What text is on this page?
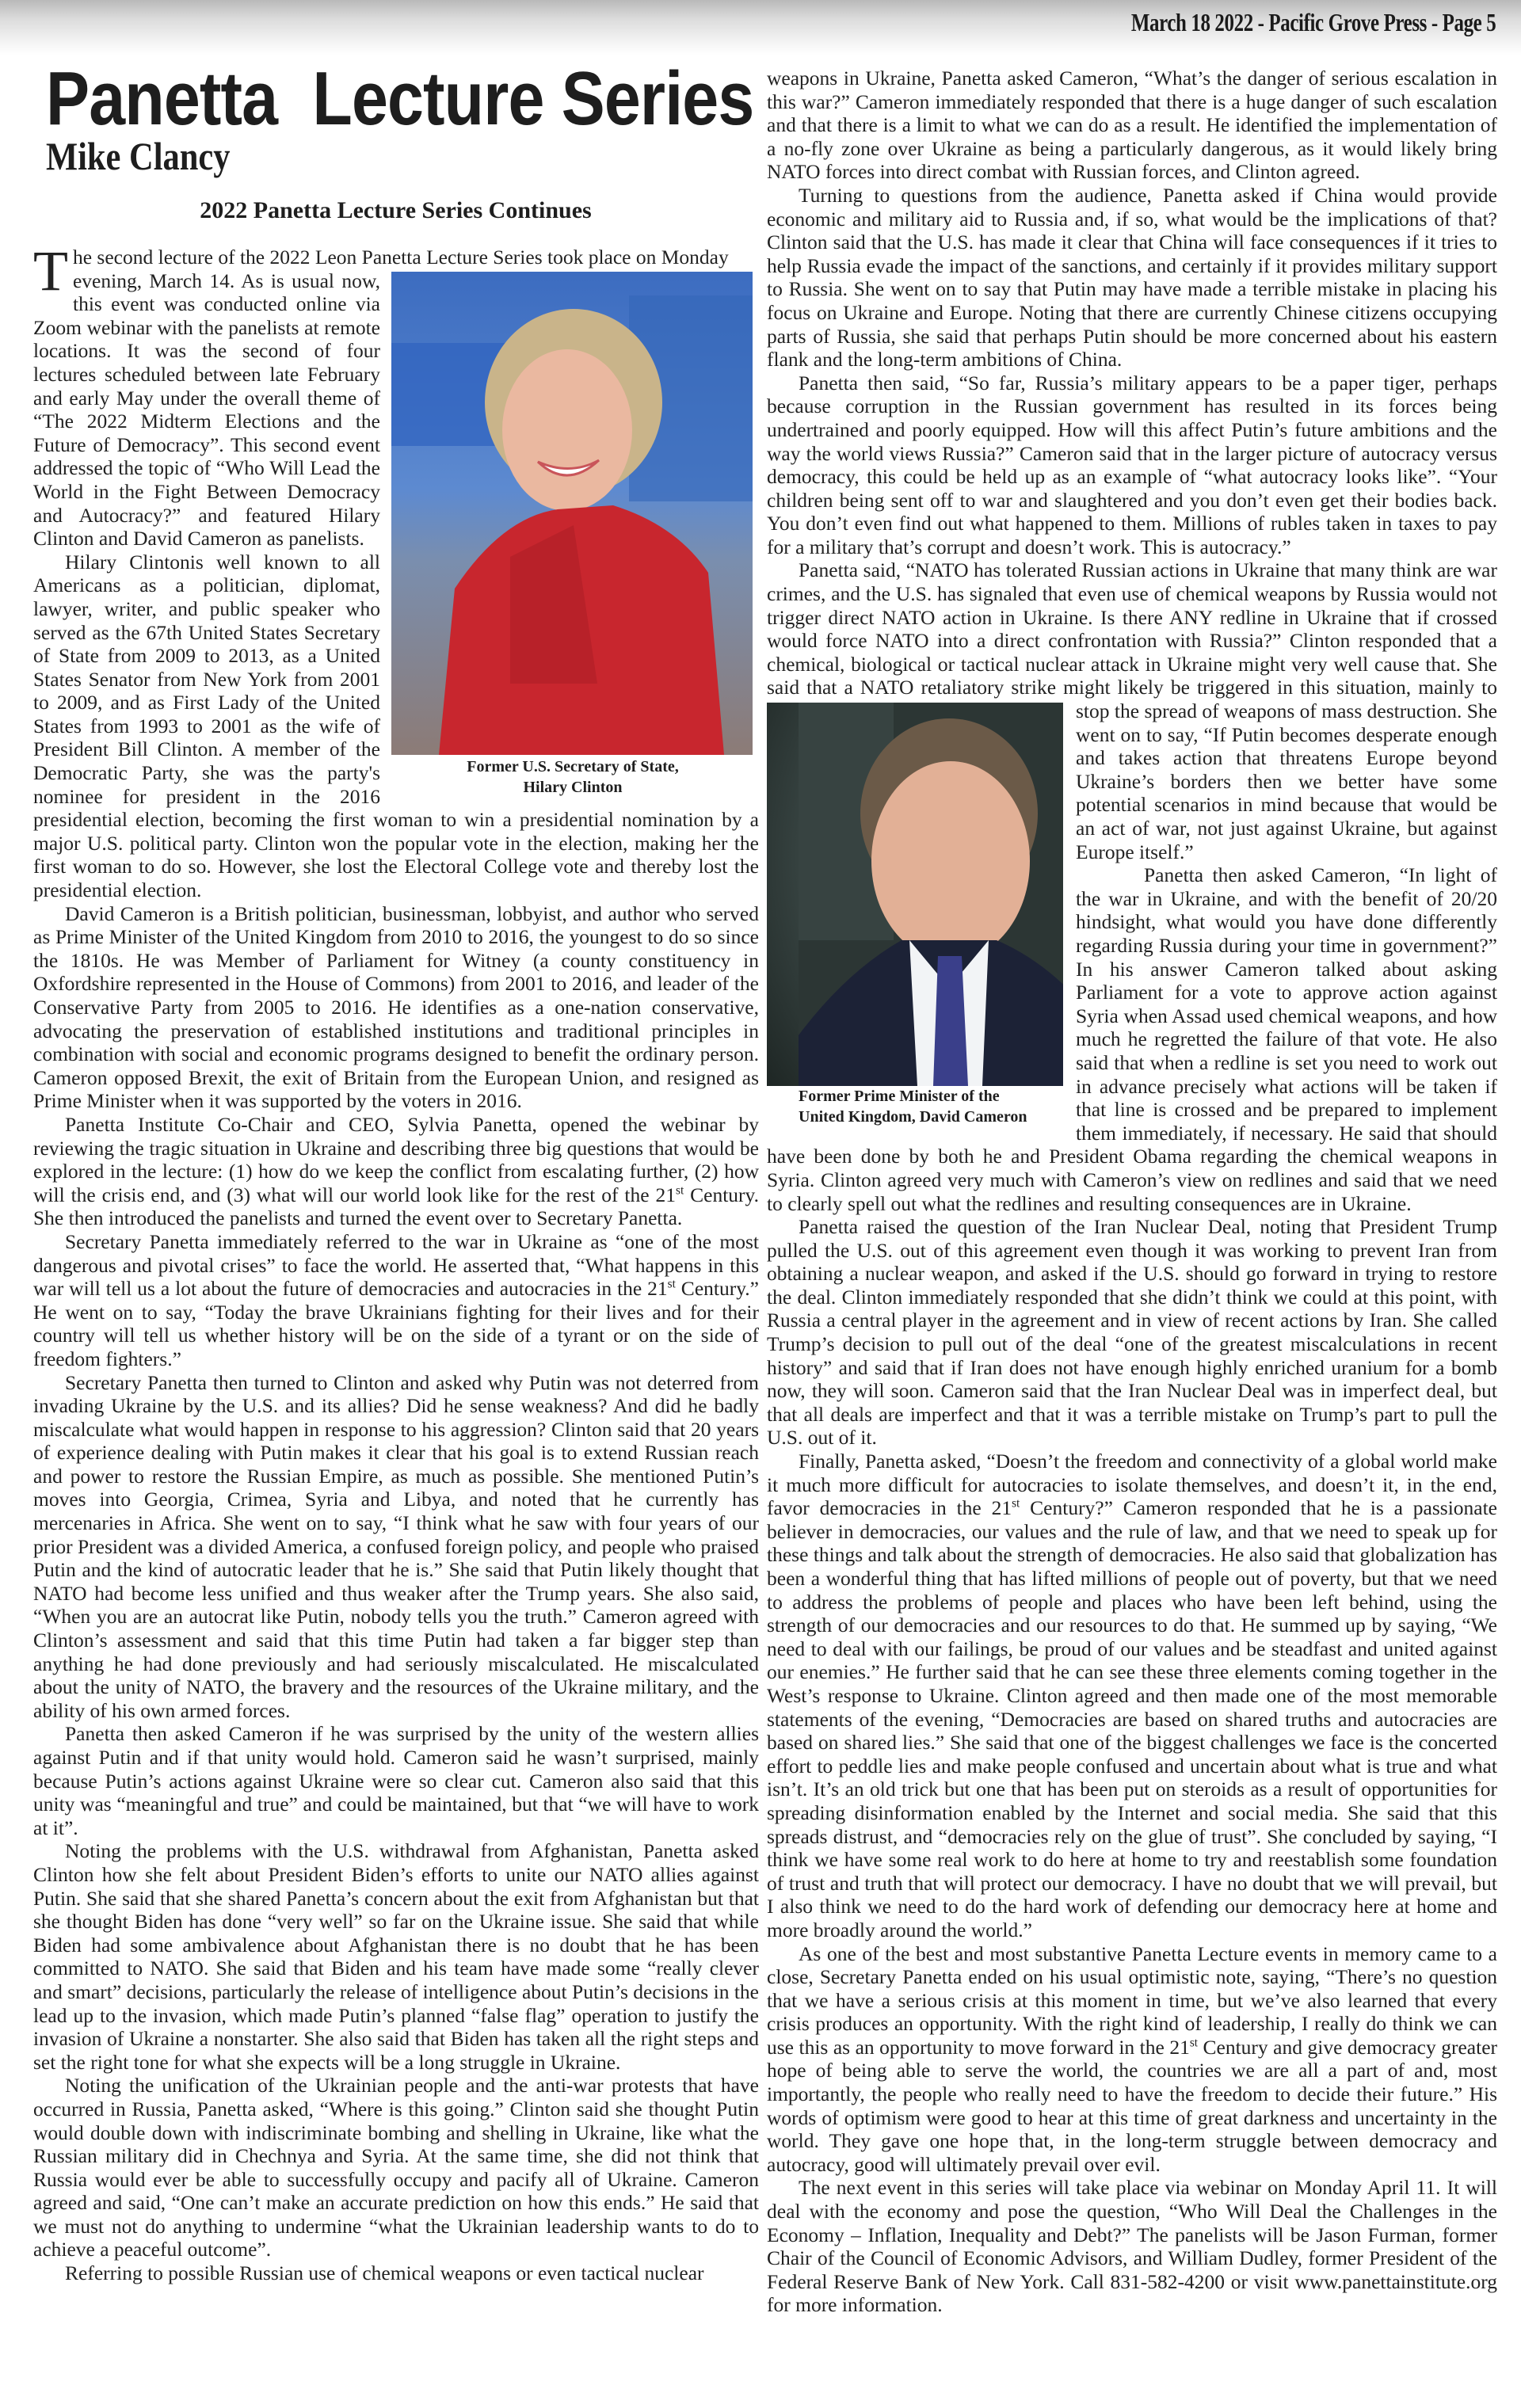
March 18 2022 - Pacific Grove Press - Page 5
Panetta  Lecture Series
Mike Clancy
2022 Panetta Lecture Series Continues

The second lecture of the 2022 Leon Panetta Lecture Series took place on Monday

Former U.S. Secretary of State,
Hilary Clinton

evening, March 14. As is usual now, this event was conducted online via Zoom webinar with the panelists at remote locations. It was the second of four lectures scheduled between late February and early May under the overall theme of “The 2022 Midterm Elections and the Future of Democracy”. This second event addressed the topic of “Who Will Lead the World in the Fight Between Democracy and Autocracy?” and featured Hilary Clinton and David Cameron as panelists.

Hilary Clintonis well known to all Americans as a politician, diplomat, lawyer, writer, and public speaker who served as the 67th United States Secretary of State from 2009 to 2013, as a United States Senator from New York from 2001 to 2009, and as First Lady of the United States from 1993 to 2001 as the wife of President Bill Clinton. A member of the Democratic Party, she was the party's nominee for president in the 2016 presidential election, becoming the first woman to win a presidential nomination by a major U.S. political party. Clinton won the popular vote in the election, making her the first woman to do so. However, she lost the Electoral College vote and thereby lost the presidential election.

David Cameron is a British politician, businessman, lobbyist, and author who served as Prime Minister of the United Kingdom from 2010 to 2016, the youngest to do so since the 1810s. He was Member of Parliament for Witney (a county constituency in Oxfordshire represented in the House of Commons) from 2001 to 2016, and leader of the Conservative Party from 2005 to 2016. He identifies as a one-nation conservative, advocating the preservation of established institutions and traditional principles in combination with social and economic programs designed to benefit the ordinary person. Cameron opposed Brexit, the exit of Britain from the European Union, and resigned as Prime Minister when it was supported by the voters in 2016.

Panetta Institute Co-Chair and CEO, Sylvia Panetta, opened the webinar by reviewing the tragic situation in Ukraine and describing three big questions that would be explored in the lecture: (1) how do we keep the conflict from escalating further, (2) how will the crisis end, and (3) what will our world look like for the rest of the 21st Century. She then introduced the panelists and turned the event over to Secretary Panetta.

Secretary Panetta immediately referred to the war in Ukraine as “one of the most dangerous and pivotal crises” to face the world. He asserted that, “What happens in this war will tell us a lot about the future of democracies and autocracies in the 21st Century.” He went on to say, “Today the brave Ukrainians fighting for their lives and for their country will tell us whether history will be on the side of a tyrant or on the side of freedom fighters.”

Secretary Panetta then turned to Clinton and asked why Putin was not deterred from invading Ukraine by the U.S. and its allies? Did he sense weakness? And did he badly miscalculate what would happen in response to his aggression? Clinton said that 20 years of experience dealing with Putin makes it clear that his goal is to extend Russian reach and power to restore the Russian Empire, as much as possible. She mentioned Putin’s moves into Georgia, Crimea, Syria and Libya, and noted that he currently has mercenaries in Africa. She went on to say, “I think what he saw with four years of our prior President was a divided America, a confused foreign policy, and people who praised Putin and the kind of autocratic leader that he is.” She said that Putin likely thought that NATO had become less unified and thus weaker after the Trump years. She also said, “When you are an autocrat like Putin, nobody tells you the truth.” Cameron agreed with Clinton’s assessment and said that this time Putin had taken a far bigger step than anything he had done previously and had seriously miscalculated. He miscalculated about the unity of NATO, the bravery and the resources of the Ukraine military, and the ability of his own armed forces.

Panetta then asked Cameron if he was surprised by the unity of the western allies against Putin and if that unity would hold. Cameron said he wasn’t surprised, mainly because Putin’s actions against Ukraine were so clear cut. Cameron also said that this unity was “meaningful and true” and could be maintained, but that “we will have to work at it”.

Noting the problems with the U.S. withdrawal from Afghanistan, Panetta asked Clinton how she felt about President Biden’s efforts to unite our NATO allies against Putin. She said that she shared Panetta’s concern about the exit from Afghanistan but that she thought Biden has done “very well” so far on the Ukraine issue. She said that while Biden had some ambivalence about Afghanistan there is no doubt that he has been committed to NATO. She said that Biden and his team have made some “really clever and smart” decisions, particularly the release of intelligence about Putin’s decisions in the lead up to the invasion, which made Putin’s planned “false flag” operation to justify the invasion of Ukraine a nonstarter. She also said that Biden has taken all the right steps and set the right tone for what she expects will be a long struggle in Ukraine.

Noting the unification of the Ukrainian people and the anti-war protests that have occurred in Russia, Panetta asked, “Where is this going.” Clinton said she thought Putin would double down with indiscriminate bombing and shelling in Ukraine, like what the Russian military did in Chechnya and Syria. At the same time, she did not think that Russia would ever be able to successfully occupy and pacify all of Ukraine. Cameron agreed and said, “One can’t make an accurate prediction on how this ends.” He said that we must not do anything to undermine “what the Ukrainian leadership wants to do to achieve a peaceful outcome”.

Referring to possible Russian use of chemical weapons or even tactical nuclear

weapons in Ukraine, Panetta asked Cameron, “What’s the danger of serious escalation in this war?” Cameron immediately responded that there is a huge danger of such escalation and that there is a limit to what we can do as a result. He identified the implementation of a no-fly zone over Ukraine as being a particularly dangerous, as it would likely bring NATO forces into direct combat with Russian forces, and Clinton agreed.

Turning to questions from the audience, Panetta asked if China would provide economic and military aid to Russia and, if so, what would be the implications of that? Clinton said that the U.S. has made it clear that China will face consequences if it tries to help Russia evade the impact of the sanctions, and certainly if it provides military support to Russia. She went on to say that Putin may have made a terrible mistake in placing his focus on Ukraine and Europe. Noting that there are currently Chinese citizens occupying parts of Russia, she said that perhaps Putin should be more concerned about his eastern flank and the long-term ambitions of China.

Panetta then said, “So far, Russia’s military appears to be a paper tiger, perhaps because corruption in the Russian government has resulted in its forces being undertrained and poorly equipped. How will this affect Putin’s future ambitions and the way the world views Russia?” Cameron said that in the larger picture of autocracy versus democracy, this could be held up as an example of “what autocracy looks like”. “Your children being sent off to war and slaughtered and you don’t even get their bodies back. You don’t even find out what happened to them. Millions of rubles taken in taxes to pay for a military that’s corrupt and doesn’t work. This is autocracy.”

Panetta said, “NATO has tolerated Russian actions in Ukraine that many think are war crimes, and the U.S. has signaled that even use of chemical weapons by Russia would not trigger direct NATO action in Ukraine. Is there ANY redline in Ukraine that if crossed would force NATO into a direct confrontation with Russia?” Clinton responded that a chemical, biological or tactical nuclear attack in Ukraine might very well cause that. She said that a NATO retaliatory strike might likely be triggered in
Former Prime Minister of the
United Kingdom, David Cameron
this situation, mainly to stop the spread of weapons of mass destruction. She went on to say, “If Putin becomes desperate enough and takes action that threatens Europe beyond Ukraine’s borders then we better have some potential scenarios in mind because that would be an act of war, not just against Ukraine, but against Europe itself.”

Panetta then asked Cameron, “In light of the war in Ukraine, and with the benefit of 20/20 hindsight, what would you have done differently regarding Russia during your time in government?” In his answer Cameron talked about asking Parliament for a vote to approve action against Syria when Assad used chemical weapons, and how much he regretted the failure of that vote. He also said that when a redline is set you need to work out in advance precisely what actions will be taken if that line is crossed and be prepared to implement them immediately, if necessary. He said that should have been done by both he and President Obama regarding the chemical weapons in Syria. Clinton agreed very much with Cameron’s view on redlines and said that we need to clearly spell out what the redlines and resulting consequences are in Ukraine.

Panetta raised the question of the Iran Nuclear Deal, noting that President Trump pulled the U.S. out of this agreement even though it was working to prevent Iran from obtaining a nuclear weapon, and asked if the U.S. should go forward in trying to restore the deal. Clinton immediately responded that she didn’t think we could at this point, with Russia a central player in the agreement and in view of recent actions by Iran. She called Trump’s decision to pull out of the deal “one of the greatest miscalculations in recent history” and said that if Iran does not have enough highly enriched uranium for a bomb now, they will soon. Cameron said that the Iran Nuclear Deal was in imperfect deal, but that all deals are imperfect and that it was a terrible mistake on Trump’s part to pull the U.S. out of it.

Finally, Panetta asked, “Doesn’t the freedom and connectivity of a global world make it much more difficult for autocracies to isolate themselves, and doesn’t it, in the end, favor democracies in the 21st Century?” Cameron responded that he is a passionate believer in democracies, our values and the rule of law, and that we need to speak up for these things and talk about the strength of democracies. He also said that globalization has been a wonderful thing that has lifted millions of people out of poverty, but that we need to address the problems of people and places who have been left behind, using the strength of our democracies and our resources to do that. He summed up by saying, “We need to deal with our failings, be proud of our values and be steadfast and united against our enemies.” He further said that he can see these three elements coming together in the West’s response to Ukraine. Clinton agreed and then made one of the most memorable statements of the evening, “Democracies are based on shared truths and autocracies are based on shared lies.” She said that one of the biggest challenges we face is the concerted effort to peddle lies and make people confused and uncertain about what is true and what isn’t. It’s an old trick but one that has been put on steroids as a result of opportunities for spreading disinformation enabled by the Internet and social media. She said that this spreads distrust, and “democracies rely on the glue of trust”. She concluded by saying, “I think we have some real work to do here at home to try and reestablish some foundation of trust and truth that will protect our democracy. I have no doubt that we will prevail, but I also think we need to do the hard work of defending our democracy here at home and more broadly around the world.”

As one of the best and most substantive Panetta Lecture events in memory came to a close, Secretary Panetta ended on his usual optimistic note, saying, “There’s no question that we have a serious crisis at this moment in time, but we’ve also learned that every crisis produces an opportunity. With the right kind of leadership, I really do think we can use this as an opportunity to move forward in the 21st Century and give democracy greater hope of being able to serve the world, the countries we are all a part of and, most importantly, the people who really need to have the freedom to decide their future.” His words of optimism were good to hear at this time of great darkness and uncertainty in the world. They gave one hope that, in the long-term struggle between democracy and autocracy, good will ultimately prevail over evil.

The next event in this series will take place via webinar on Monday April 11. It will deal with the economy and pose the question, “Who Will Deal the Challenges in the Economy – Inflation, Inequality and Debt?” The panelists will be Jason Furman, former Chair of the Council of Economic Advisors, and William Dudley, former President of the Federal Reserve Bank of New York. Call 831-582-4200 or visit www.panettainstitute.org for more information.
